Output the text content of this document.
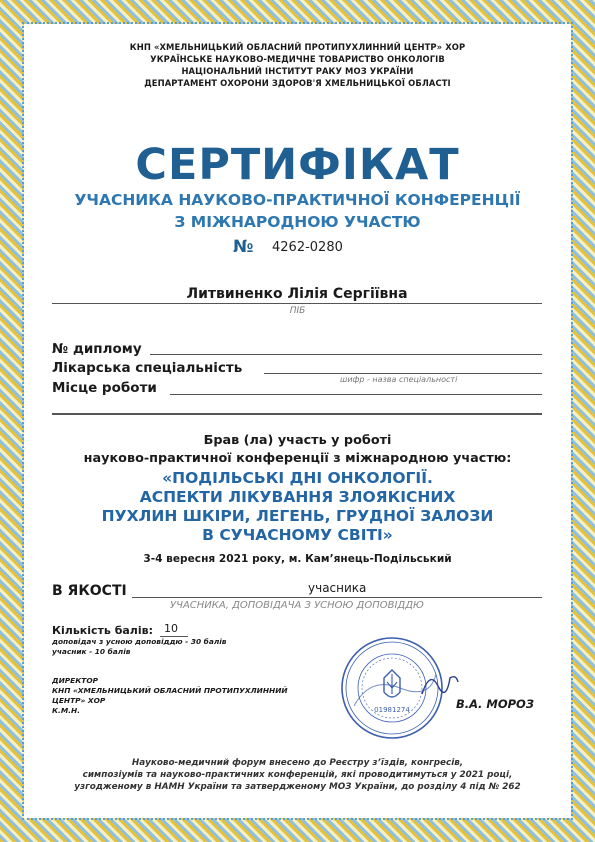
КНП «ХМЕЛЬНИЦЬКИЙ ОБЛАСНИЙ ПРОТИПУХЛИННИЙ ЦЕНТР» ХОР
УКРАЇНСЬКЕ НАУКОВО-МЕДИЧНЕ ТОВАРИСТВО ОНКОЛОГІВ
НАЦІОНАЛЬНИЙ ІНСТИТУТ РАКУ МОЗ УКРАЇНИ
ДЕПАРТАМЕНТ ОХОРОНИ ЗДОРОВ'Я ХМЕЛЬНИЦЬКОЇ ОБЛАСТІ
СЕРТИФІКАТ
УЧАСНИКА НАУКОВО-ПРАКТИЧНОЇ КОНФЕРЕНЦІЇ
З МІЖНАРОДНОЮ УЧАСТЮ
№ 4262-0280
Литвиненко Лілія Сергіївна
ПІБ
№ диплому
Лікарська спеціальність
шифр - назва спеціальності
Місце роботи
Брав (ла) участь у роботі
науково-практичної конференції з міжнародною участю:
«ПОДІЛЬСЬКІ ДНІ ОНКОЛОГІЇ.
АСПЕКТИ ЛІКУВАННЯ ЗЛОЯКІСНИХ
ПУХЛИН ШКІРИ, ЛЕГЕНЬ, ГРУДНОЇ ЗАЛОЗИ
В СУЧАСНОМУ СВІТІ»
3-4 вересня 2021 року, м. Кам’янець-Подільський
В ЯКОСТІ	учасника
УЧАСНИКА, ДОПОВІДАЧА З УСНОЮ ДОПОВІДДЮ
Кількість балів: 10
доповідач з усною доповіддю - 30 балів
учасник - 10 балів
ДИРЕКТОР
КНП «ХМЕЛЬНИЦЬКИЙ ОБЛАСНИЙ ПРОТИПУХЛИННИЙ
ЦЕНТР» ХОР
К.М.Н.	01981274	В.А. МОРОЗ
Науково-медичний форум внесено до Реєстру з’їздів, конгресів,
симпозіумів та науково-практичних конференцій, які проводитимуться у 2021 році,
узгодженому в НАМН України та затвердженому МОЗ України, до розділу 4 під № 262
